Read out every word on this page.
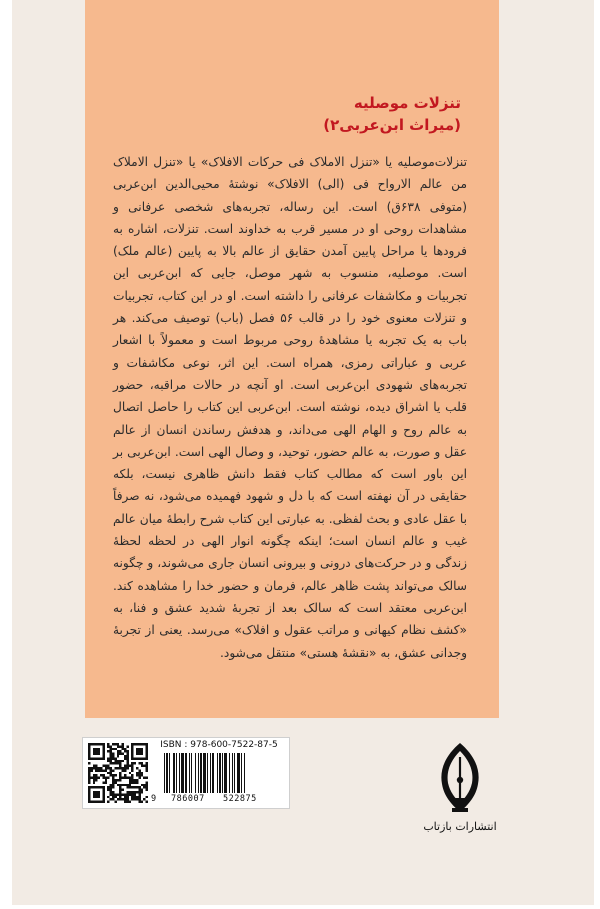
تنزلات موصلیه
(میراث ابن‌عربی۲)

تنزلات‌موصلیه یا «تنزل الاملاک فی حرکات الافلاک» یا «تنزل الاملاک من عالم الارواح فی (الی) الافلاک» نوشتهٔ محیی‌الدین ابن‌عربی (متوفی ۶۳۸ق) است. این رساله، تجربه‌های شخصی عرفانی و مشاهدات روحی او در مسیر قرب به خداوند است. تنزلات، اشاره به فرودها یا مراحل پایین آمدن حقایق از عالم بالا به پایین (عالم ملک) است. موصلیه، منسوب به شهر موصل، جایی که ابن‌عربی این تجربیات و مکاشفات عرفانی را داشته است. او در این کتاب، تجربیات و تنزلات معنوی خود را در قالب ۵۶ فصل (باب) توصیف می‌کند. هر باب به یک تجربه یا مشاهدهٔ روحی مربوط است و معمولاً با اشعار عربی و عباراتی رمزی، همراه است. این اثر، نوعی مکاشفات و تجربه‌های شهودی ابن‌عربی است. او آنچه در حالات مراقبه، حضور قلب یا اشراق دیده، نوشته است. ابن‌عربی این کتاب را حاصل اتصال به عالم روح و الهام الهی می‌داند، و هدفش رساندن انسان از عالم عقل و صورت، به عالم حضور، توحید، و وصال الهی است. ابن‌عربی بر این باور است که مطالب کتاب فقط دانش ظاهری نیست، بلکه حقایقی در آن نهفته است که با دل و شهود فهمیده می‌شود، نه صرفاً با عقل عادی و بحث لفظی. به عبارتی این کتاب شرح رابطهٔ میان عالم غیب و عالم انسان است؛ اینکه چگونه انوار الهی در لحظه لحظهٔ زندگی و در حرکت‌های درونی و بیرونی انسان جاری می‌شوند، و چگونه سالک می‌تواند پشت ظاهر عالم، فرمان و حضور خدا را مشاهده کند. ابن‌عربی معتقد است که سالک بعد از تجربهٔ شدید عشق و فنا، به «کشف نظام کیهانی و مراتب عقول و افلاک» می‌رسد. یعنی از تجربهٔ وجدانی عشق، به «نقشهٔ هستی» منتقل می‌شود.

ISBN : 978-600-7522-87-5
9 786007 522875
انتشارات بازتاب
